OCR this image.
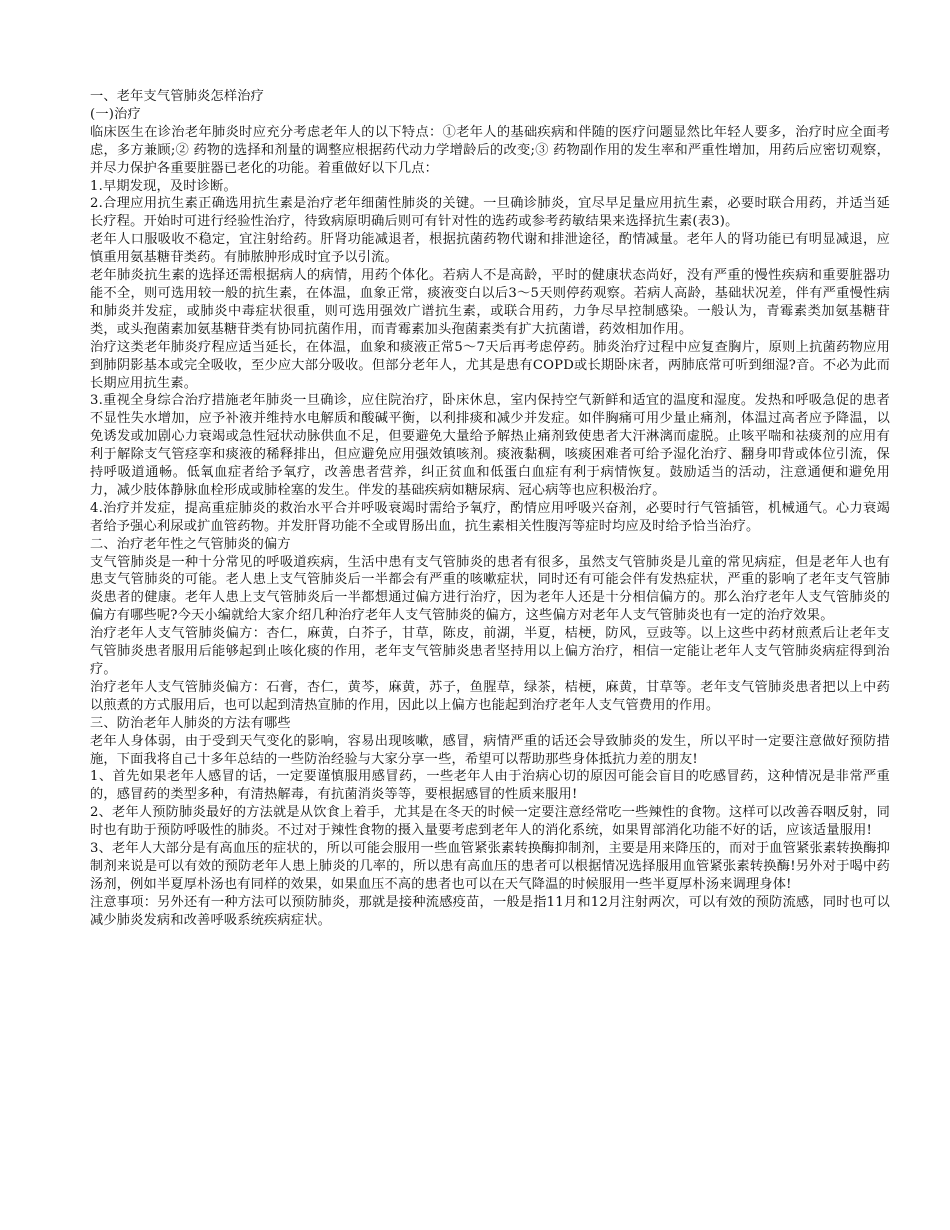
一、老年支气管肺炎怎样治疗

(一)治疗

临床医生在诊治老年肺炎时应充分考虑老年人的以下特点：①老年人的基础疾病和伴随的医疗问题显然比年轻人要多，治疗时应全面考虑，多方兼顾;② 药物的选择和剂量的调整应根据药代动力学增龄后的改变;③ 药物副作用的发生率和严重性增加，用药后应密切观察，并尽力保护各重要脏器已老化的功能。着重做好以下几点：

1.早期发现，及时诊断。

2.合理应用抗生素正确选用抗生素是治疗老年细菌性肺炎的关键。一旦确诊肺炎，宜尽早足量应用抗生素，必要时联合用药，并适当延长疗程。开始时可进行经验性治疗，待致病原明确后则可有针对性的选药或参考药敏结果来选择抗生素(表3)。

老年人口服吸收不稳定，宜注射给药。肝肾功能减退者，根据抗菌药物代谢和排泄途径，酌情减量。老年人的肾功能已有明显减退，应慎重用氨基糖苷类药。有肺脓肿形成时宜予以引流。

老年肺炎抗生素的选择还需根据病人的病情，用药个体化。若病人不是高龄，平时的健康状态尚好，没有严重的慢性疾病和重要脏器功能不全，则可选用较一般的抗生素，在体温，血象正常，痰液变白以后3～5天则停药观察。若病人高龄，基础状况差，伴有严重慢性病和肺炎并发症，或肺炎中毒症状很重，则可选用强效广谱抗生素，或联合用药，力争尽早控制感染。一般认为，青霉素类加氨基糖苷类，或头孢菌素加氨基糖苷类有协同抗菌作用，而青霉素加头孢菌素类有扩大抗菌谱，药效相加作用。

治疗这类老年肺炎疗程应适当延长，在体温，血象和痰液正常5～7天后再考虑停药。肺炎治疗过程中应复查胸片，原则上抗菌药物应用到肺阴影基本或完全吸收，至少应大部分吸收。但部分老年人，尤其是患有COPD或长期卧床者，两肺底常可听到细湿?音。不必为此而长期应用抗生素。

3.重视全身综合治疗措施老年肺炎一旦确诊，应住院治疗，卧床休息，室内保持空气新鲜和适宜的温度和湿度。发热和呼吸急促的患者不显性失水增加，应予补液并维持水电解质和酸碱平衡，以利排痰和减少并发症。如伴胸痛可用少量止痛剂，体温过高者应予降温，以免诱发或加剧心力衰竭或急性冠状动脉供血不足，但要避免大量给予解热止痛剂致使患者大汗淋漓而虚脱。止咳平喘和祛痰剂的应用有利于解除支气管痉挛和痰液的稀释排出，但应避免应用强效镇咳剂。痰液黏稠，咳痰困难者可给予湿化治疗、翻身叩背或体位引流，保持呼吸道通畅。低氧血症者给予氧疗，改善患者营养，纠正贫血和低蛋白血症有利于病情恢复。鼓励适当的活动，注意通便和避免用力，减少肢体静脉血栓形成或肺栓塞的发生。伴发的基础疾病如糖尿病、冠心病等也应积极治疗。

4.治疗并发症，提高重症肺炎的救治水平合并呼吸衰竭时需给予氧疗，酌情应用呼吸兴奋剂，必要时行气管插管，机械通气。心力衰竭者给予强心利尿或扩血管药物。并发肝肾功能不全或胃肠出血，抗生素相关性腹泻等症时均应及时给予恰当治疗。

二、治疗老年性之气管肺炎的偏方

支气管肺炎是一种十分常见的呼吸道疾病，生活中患有支气管肺炎的患者有很多，虽然支气管肺炎是儿童的常见病症，但是老年人也有患支气管肺炎的可能。老人患上支气管肺炎后一半都会有严重的咳嗽症状，同时还有可能会伴有发热症状，严重的影响了老年支气管肺炎患者的健康。老年人患上支气管肺炎后一半都想通过偏方进行治疗，因为老年人还是十分相信偏方的。那么治疗老年人支气管肺炎的偏方有哪些呢?今天小编就给大家介绍几种治疗老年人支气管肺炎的偏方，这些偏方对老年人支气管肺炎也有一定的治疗效果。

治疗老年人支气管肺炎偏方：杏仁，麻黄，白芥子，甘草，陈皮，前湖，半夏，桔梗，防风，豆豉等。以上这些中药材煎煮后让老年支气管肺炎患者服用后能够起到止咳化痰的作用，老年支气管肺炎患者坚持用以上偏方治疗，相信一定能让老年人支气管肺炎病症得到治疗。

治疗老年人支气管肺炎偏方：石膏，杏仁，黄芩，麻黄，苏子，鱼腥草，绿茶，桔梗，麻黄，甘草等。老年支气管肺炎患者把以上中药以煎煮的方式服用后，也可以起到清热宣肺的作用，因此以上偏方也能起到治疗老年人支气管费用的作用。

三、防治老年人肺炎的方法有哪些

老年人身体弱，由于受到天气变化的影响，容易出现咳嗽，感冒，病情严重的话还会导致肺炎的发生，所以平时一定要注意做好预防措施，下面我将自己十多年总结的一些防治经验与大家分享一些，希望可以帮助那些身体抵抗力差的朋友!

1、首先如果老年人感冒的话，一定要谨慎服用感冒药，一些老年人由于治病心切的原因可能会盲目的吃感冒药，这种情况是非常严重的，感冒药的类型多种，有清热解毒，有抗菌消炎等等，要根据感冒的性质来服用!

2、老年人预防肺炎最好的方法就是从饮食上着手，尤其是在冬天的时候一定要注意经常吃一些辣性的食物。这样可以改善吞咽反射，同时也有助于预防呼吸性的肺炎。不过对于辣性食物的摄入量要考虑到老年人的消化系统，如果胃部消化功能不好的话，应该适量服用!

3、老年人大部分是有高血压的症状的，所以可能会服用一些血管紧张素转换酶抑制剂，主要是用来降压的，而对于血管紧张素转换酶抑制剂来说是可以有效的预防老年人患上肺炎的几率的，所以患有高血压的患者可以根据情况选择服用血管紧张素转换酶!另外对于喝中药汤剂，例如半夏厚朴汤也有同样的效果，如果血压不高的患者也可以在天气降温的时候服用一些半夏厚朴汤来调理身体!

注意事项：另外还有一种方法可以预防肺炎，那就是接种流感疫苗，一般是指11月和12月注射两次，可以有效的预防流感，同时也可以减少肺炎发病和改善呼吸系统疾病症状。
